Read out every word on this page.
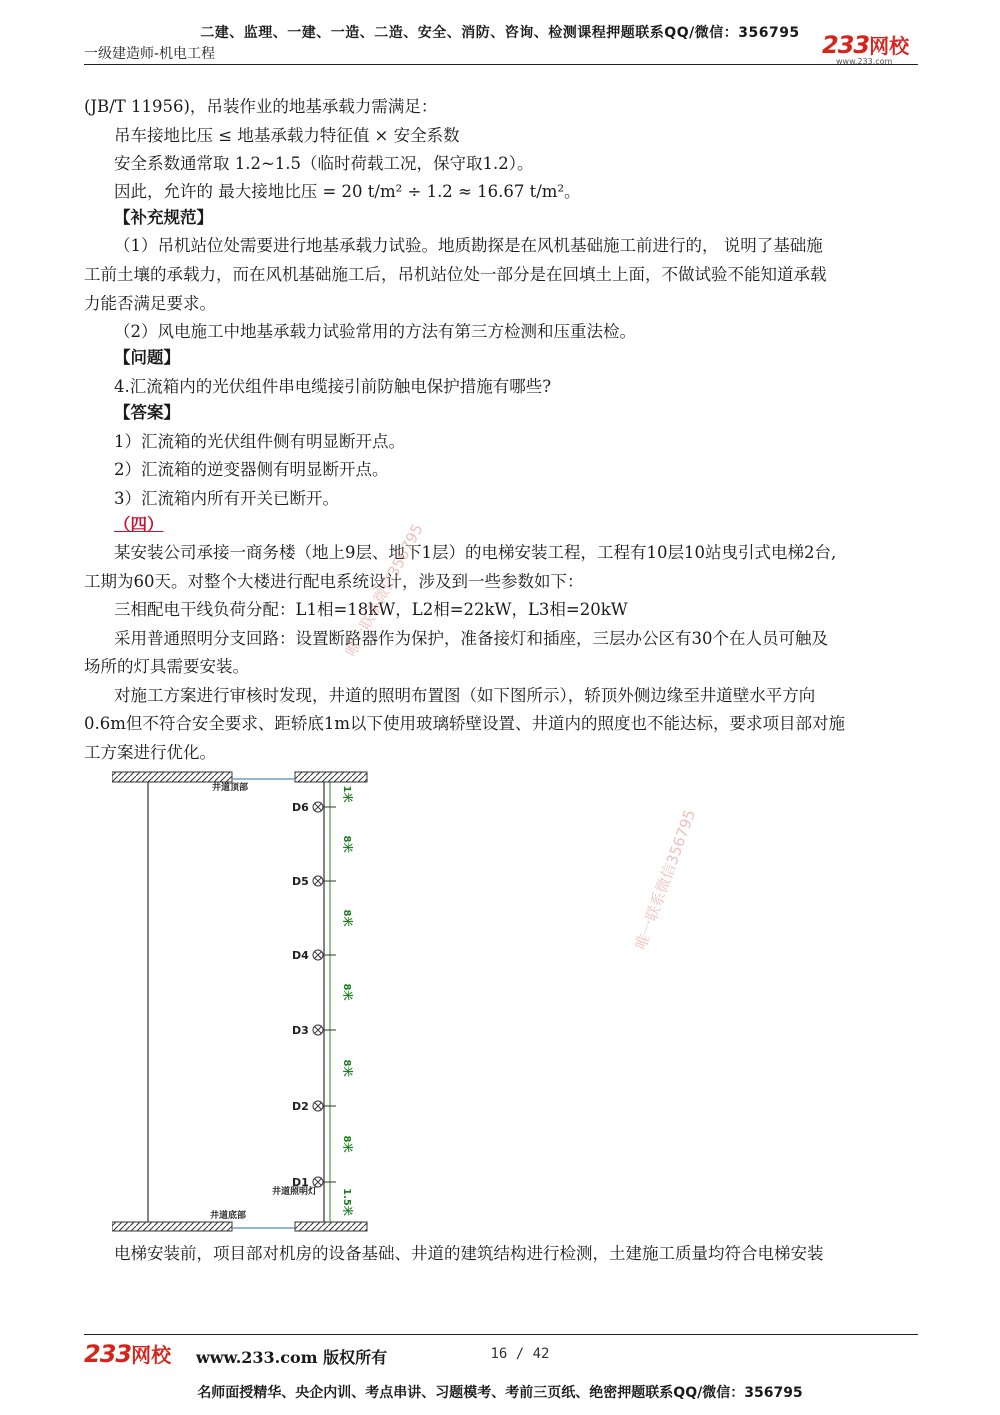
二建、监理、一建、一造、二造、安全、消防、咨询、检测课程押题联系QQ/微信：356795
一级建造师-机电工程	233网校
www.233.com
(JB/T 11956)，吊装作业的地基承载力需满足：
吊车接地比压 ≤ 地基承载力特征值 × 安全系数
安全系数通常取 1.2~1.5（临时荷载工况，保守取1.2）。
因此，允许的 最大接地比压 = 20 t/m² ÷ 1.2 ≈ 16.67 t/m²。
【补充规范】
（1）吊机站位处需要进行地基承载力试验。地质勘探是在风机基础施工前进行的， 说明了基础施
工前土壤的承载力，而在风机基础施工后，吊机站位处一部分是在回填土上面，不做试验不能知道承载
力能否满足要求。
（2）风电施工中地基承载力试验常用的方法有第三方检测和压重法检。
【问题】
4.汇流箱内的光伏组件串电缆接引前防触电保护措施有哪些?
【答案】
1）汇流箱的光伏组件侧有明显断开点。
2）汇流箱的逆变器侧有明显断开点。
3）汇流箱内所有开关已断开。
（四）
某安装公司承接一商务楼（地上9层、地下1层）的电梯安装工程，工程有10层10站曳引式电梯2台,
工期为60天。对整个大楼进行配电系统设计，涉及到一些参数如下：
三相配电干线负荷分配：L1相=18kW，L2相=22kW，L3相=20kW
采用普通照明分支回路：设置断路器作为保护，准备接灯和插座，三层办公区有30个在人员可触及
场所的灯具需要安装。
对施工方案进行审核时发现，井道的照明布置图（如下图所示），轿顶外侧边缘至井道壁水平方向
0.6m但不符合安全要求、距轿底1m以下使用玻璃轿壁设置、井道内的照度也不能达标，要求项目部对施
工方案进行优化。
井道顶部
井道底部
井道照明灯
D6
D5
D4
D3
D2
D1
1米
8米
8米
8米
8米
8米
1.5米
电梯安装前，项目部对机房的设备基础、井道的建筑结构进行检测，土建施工质量均符合电梯安装
唯一联系微信356795
唯一联系微信356795
233网校 www.233.com 版权所有	16 / 42
名师面授精华、央企内训、考点串讲、习题模考、考前三页纸、绝密押题联系QQ/微信：356795
